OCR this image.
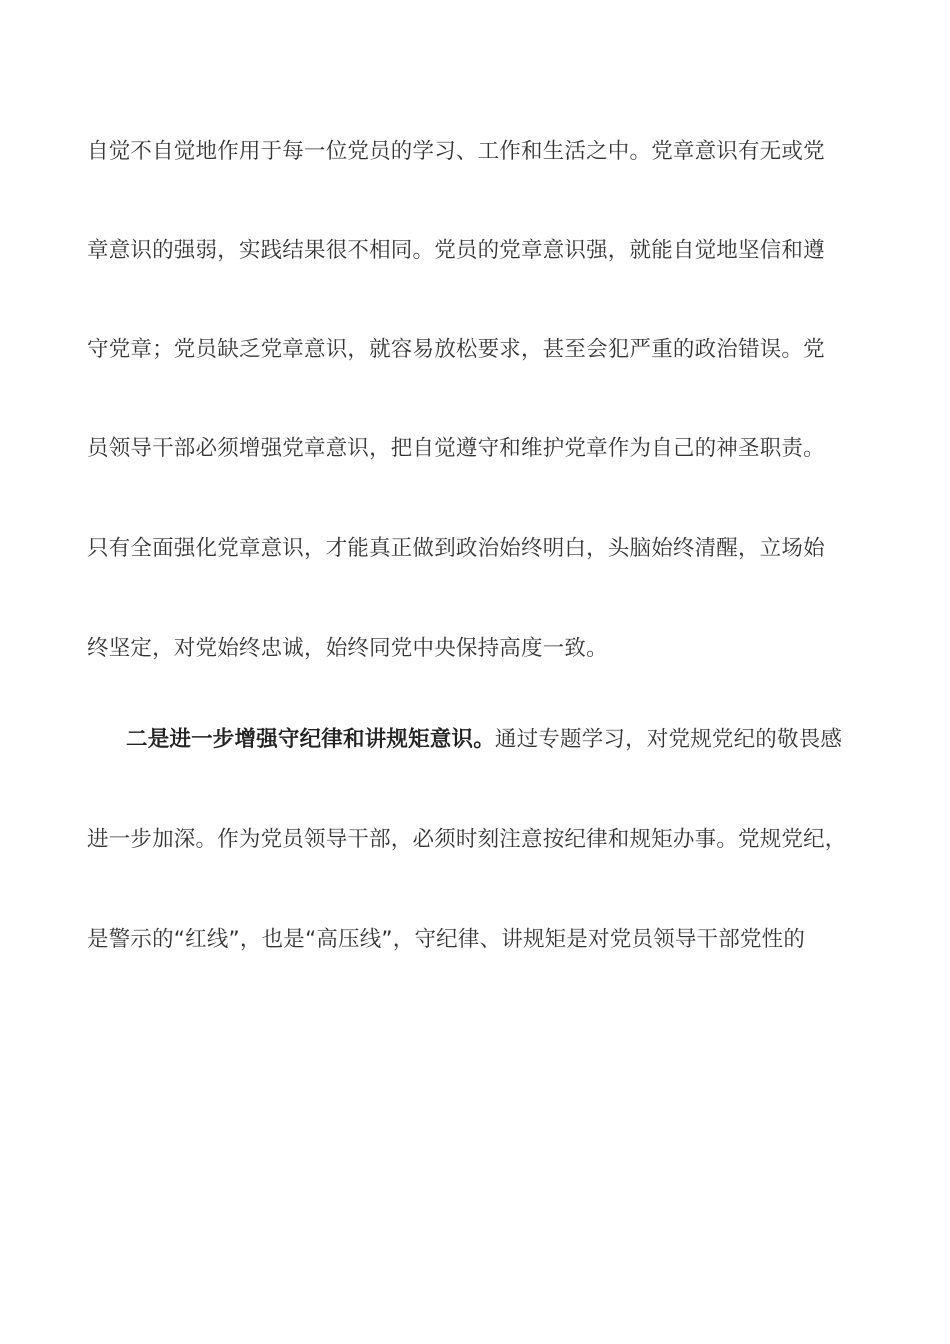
自觉不自觉地作用于每一位党员的学习、工作和生活之中。党章意识有无或党
章意识的强弱，实践结果很不相同。党员的党章意识强，就能自觉地坚信和遵
守党章；党员缺乏党章意识，就容易放松要求，甚至会犯严重的政治错误。党
员领导干部必须增强党章意识，把自觉遵守和维护党章作为自己的神圣职责。
只有全面强化党章意识，才能真正做到政治始终明白，头脑始终清醒，立场始
终坚定，对党始终忠诚，始终同党中央保持高度一致。
二是进一步增强守纪律和讲规矩意识。通过专题学习，对党规党纪的敬畏感
进一步加深。作为党员领导干部，必须时刻注意按纪律和规矩办事。党规党纪，
是警示的“红线”，也是“高压线”，守纪律、讲规矩是对党员领导干部党性的
